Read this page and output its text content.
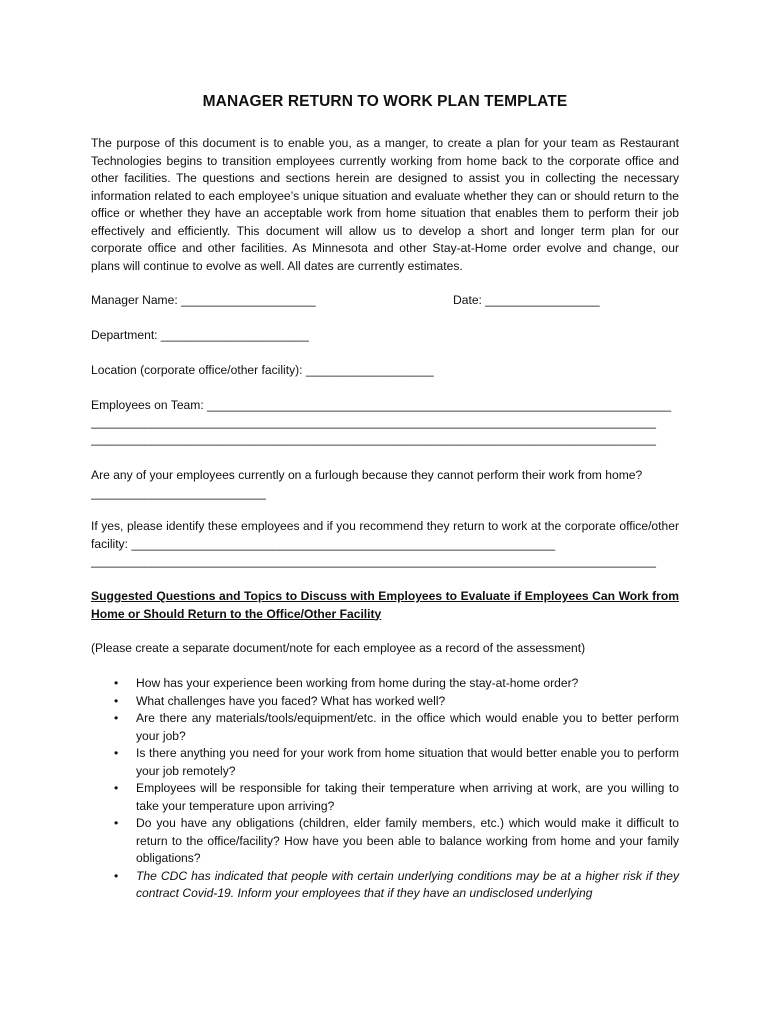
MANAGER RETURN TO WORK PLAN TEMPLATE
The purpose of this document is to enable you, as a manger, to create a plan for your team as Restaurant Technologies begins to transition employees currently working from home back to the corporate office and other facilities. The questions and sections herein are designed to assist you in collecting the necessary information related to each employee’s unique situation and evaluate whether they can or should return to the office or whether they have an acceptable work from home situation that enables them to perform their job effectively and efficiently. This document will allow us to develop a short and longer term plan for our corporate office and other facilities. As Minnesota and other Stay-at-Home order evolve and change, our plans will continue to evolve as well. All dates are currently estimates.
Manager Name: ____________________	Date: _________________
Department: ______________________
Location (corporate office/other facility): ___________________
Employees on Team: _____________________________________________________________________
____________________________________________________________________________________
____________________________________________________________________________________
Are any of your employees currently on a furlough because they cannot perform their work from home?
__________________________
If yes, please identify these employees and if you recommend they return to work at the corporate office/other facility: _______________________________________________________________
____________________________________________________________________________________
Suggested Questions and Topics to Discuss with Employees to Evaluate if Employees Can Work from Home or Should Return to the Office/Other Facility
(Please create a separate document/note for each employee as a record of the assessment)
• How has your experience been working from home during the stay-at-home order?
• What challenges have you faced? What has worked well?
• Are there any materials/tools/equipment/etc. in the office which would enable you to better perform your job?
• Is there anything you need for your work from home situation that would better enable you to perform your job remotely?
• Employees will be responsible for taking their temperature when arriving at work, are you willing to take your temperature upon arriving?
• Do you have any obligations (children, elder family members, etc.) which would make it difficult to return to the office/facility? How have you been able to balance working from home and your family obligations?
• The CDC has indicated that people with certain underlying conditions may be at a higher risk if they contract Covid-19. Inform your employees that if they have an undisclosed underlying
